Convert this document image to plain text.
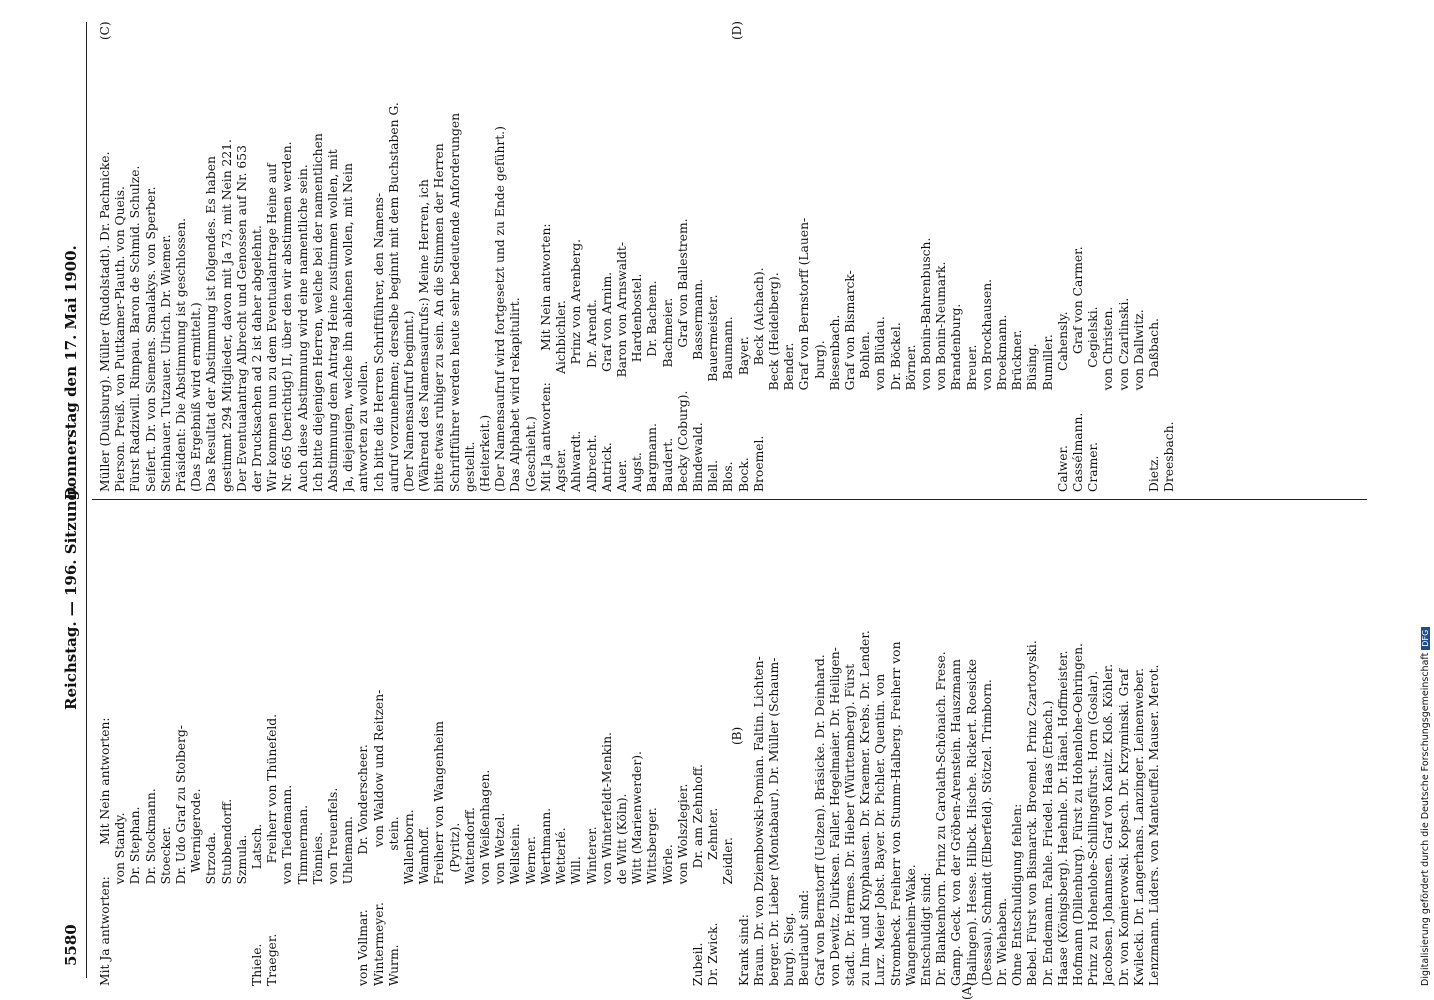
5580
Reichstag. — 196. Sitzung.
Donnerstag den 17. Mai 1900.
(A)
(B)
(C)	(D)

Mit Ja antworten:        Mit Nein antworten: von Standy. Dr. Stephan. Dr. Stockmann. Stoecker. Dr. Udo Graf zu Stolberg- Wernigerode. Strzoda. Stubbendorff. Szmula. Thiele.                   Latsch. Traeger.                  Freiherr von Thünefeld. von Tiedemann. Timmerman. Tönnies. von Treuenfels. Uhlemann. von Vollmar.              Dr. Vonderscheer. Wintermeyer.              von Waldow und Reitzen- Wurm.                        stein. Wallenborn. Wamhoff. Freiherr von Wangenheim (Pyritz). Wattendorff. von Weißenhagen. von Wetzel. Wellstein. Werner. Werthmann. Wetterlé. Will. Winterer. von Winterfeldt-Menkin. de Witt (Köln). Witt (Marienwerder). Wittsberger. Wörle. von Wolszlegier. Zubeil.                   Dr. am Zehnhoff. Dr. Zwick.                Zehnter. Zeidler. Krank sind: Braun. Dr. von Dziembowski-Pomian. Faltin. Lichten- berger. Dr. Lieber (Montabaur). Dr. Müller (Schaum- burg). Sieg. Beurlaubt sind: Graf von Bernstorff (Uelzen). Bräsicke. Dr. Deinhard. von Dewitz. Dürksen. Faller. Hegelmaier. Dr. Heiligen- stadt. Dr. Hermes. Dr. Hieber (Württemberg). Fürst zu Inn- und Knyphausen. Dr. Kraemer. Krebs. Dr. Lender. Lurz. Meier Jobst. Bayer. Dr. Pichler. Quentin. von Strombeck. Freiherr von Stumm-Halberg. Freiherr von Wangenheim-Wake. Entschuldigt sind: Dr. Blankenhorn. Prinz zu Carolath-Schönaich. Frese. Gamp. Geck. von der Gröben-Arenstein. Hauszmann (Balingen). Hesse. Hilbck. Hische. Rickert. Roesicke (Dessau). Schmidt (Elberfeld). Stötzel. Trimborn. Dr. Wiehaben. Ohne Entschuldigung fehlen: Bebel. Fürst von Bismarck. Broemel. Prinz Czartoryski. Dr. Endemann. Fahle. Friedel. Haas (Erbach.) Haase (Königsberg). Haehnle. Dr. Hänel. Hoffmeister. Hofmann (Dillenburg). Fürst zu Hohenlohe-Oehringen. Prinz zu Hohenlohe-Schillingsfürst. Horn (Goslar). Jacobsen. Johannsen. Graf von Kanitz. Kloß. Köhler. Dr. von Komierowski. Kopsch. Dr. Krzyminski. Graf Kwilecki. Dr. Langerhans. Lanzinger. Leinenweber. Lenzmann. Lüders. von Manteuffel. Mauser. Merot.

Müller (Duisburg). Müller (Rudolstadt). Dr. Pachnicke. Pierson. Preiß. von Puttkamer-Plauth. von Queis. Fürst Radziwill. Rimpau. Baron de Schmid. Schulze. Seifert. Dr. von Siemens. Smalakys. von Sperber. Steinhauer. Tutzauer. Ulrich. Dr. Wiemer. Präsident: Die Abstimmung ist geschlossen. (Das Ergebniß wird ermittelt.) Das Resultat der Abstimmung ist folgendes. Es haben gestimmt 294 Mitglieder, davon mit Ja 73, mit Nein 221. Der Eventualantrag Albrecht und Genossen auf Nr. 653 der Drucksachen ad 2 ist daher abgelehnt. Wir kommen nun zu dem Eventualantrage Heine auf Nr. 665 (berichtigt) II, über den wir abstimmen werden. Auch diese Abstimmung wird eine namentliche sein. Ich bitte diejenigen Herren, welche bei der namentlichen Abstimmung dem Antrag Heine zustimmen wollen, mit Ja, diejenigen, welche ihn ablehnen wollen, mit Nein antworten zu wollen. Ich bitte die Herren Schriftführer, den Namens- aufruf vorzunehmen; derselbe beginnt mit dem Buchstaben G. (Der Namensaufruf beginnt.) (Während des Namensaufrufs:) Meine Herren, ich bitte etwas ruhiger zu sein. An die Stimmen der Herren Schriftführer werden heute sehr bedeutende Anforderungen gestellt. (Heiterkeit.) (Der Namensaufruf wird fortgesetzt und zu Ende geführt.) Das Alphabet wird rekapitulirt. (Geschieht.) Mit Ja antworten:        Mit Nein antworten: Agster.                   Aichbichler. Ahlwardt.                 Prinz von Arenberg. Albrecht.                 Dr. Arendt. Antrick.                  Graf von Arnim. Auer.                     Baron von Arnswaldt- Augst.                       Hardenbostel. Bargmann.                 Dr. Bachem. Baudert.                  Bachmeier. Becky (Coburg).           Graf von Ballestrem. Bindewald.                Bassermann. Blell.                    Bauermeister. Blos.                     Baumann. Bock.                     Bayer. Broemel.                  Beck (Aichach). Beck (Heidelberg). Bender. Graf von Bernstorff (Lauen- burg). Biesenbach. Graf von Bismarck- Bohlen. von Blüdau. Dr. Böckel. Börner. von Bonin-Bahrenbusch. von Bonin-Neumark. Brandenburg. Breuer. von Brockhausen. Broekmann. Brückner. Büsing. Bumiller. Calwer.                   Cahensly. Cassélmann.               Graf von Carmer. Cramer.                   Cegielski. von Christen. von Czarlinski. von Dallwitz. Dietz.                    Daßbach. Dreesbach.

Digitalisierung gefördert durch die Deutsche ForschungsgemeinschaftDFG
